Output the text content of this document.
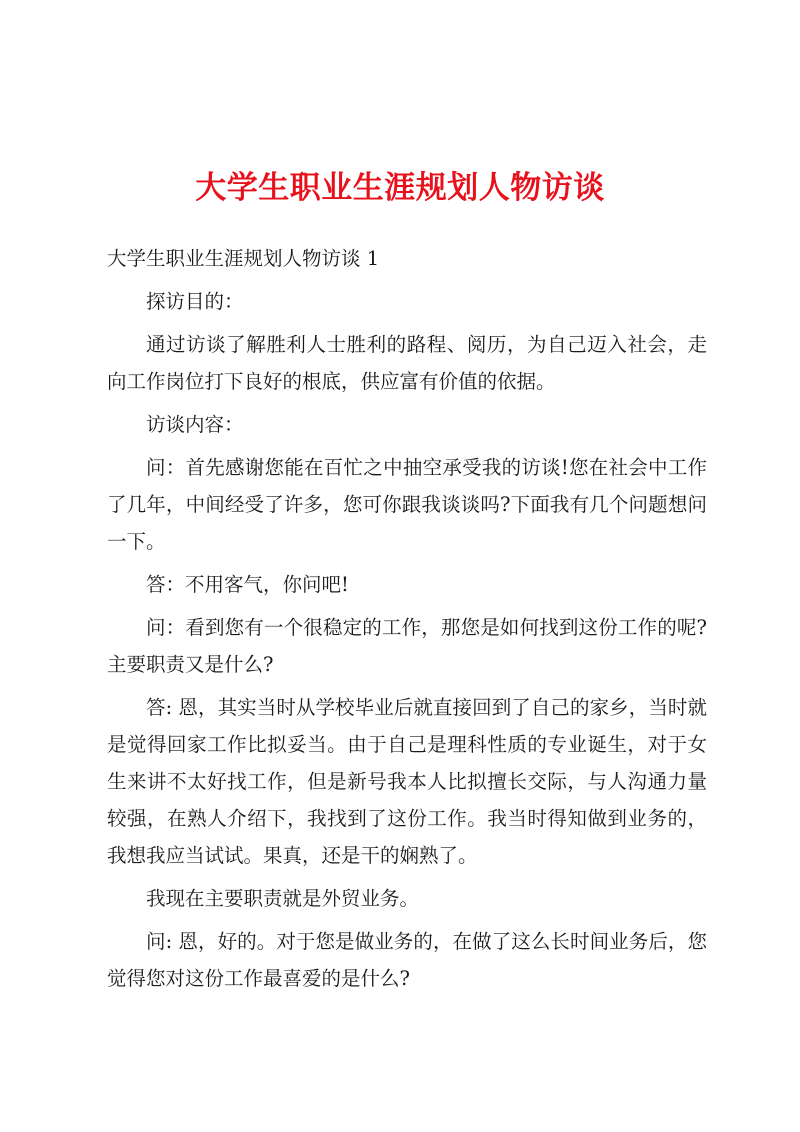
大学生职业生涯规划人物访谈

大学生职业生涯规划人物访谈 1

探访目的：

通过访谈了解胜利人士胜利的路程、阅历，为自己迈入社会，走向工作岗位打下良好的根底，供应富有价值的依据。

访谈内容：

问：首先感谢您能在百忙之中抽空承受我的访谈!您在社会中工作了几年，中间经受了许多，您可你跟我谈谈吗?下面我有几个问题想问一下。

答：不用客气，你问吧!

问：看到您有一个很稳定的工作，那您是如何找到这份工作的呢?主要职责又是什么?

答: 恩，其实当时从学校毕业后就直接回到了自己的家乡，当时就是觉得回家工作比拟妥当。由于自己是理科性质的专业诞生，对于女生来讲不太好找工作，但是新号我本人比拟擅长交际，与人沟通力量较强，在熟人介绍下，我找到了这份工作。我当时得知做到业务的，我想我应当试试。果真，还是干的娴熟了。

我现在主要职责就是外贸业务。

问: 恩，好的。对于您是做业务的，在做了这么长时间业务后，您觉得您对这份工作最喜爱的是什么?
